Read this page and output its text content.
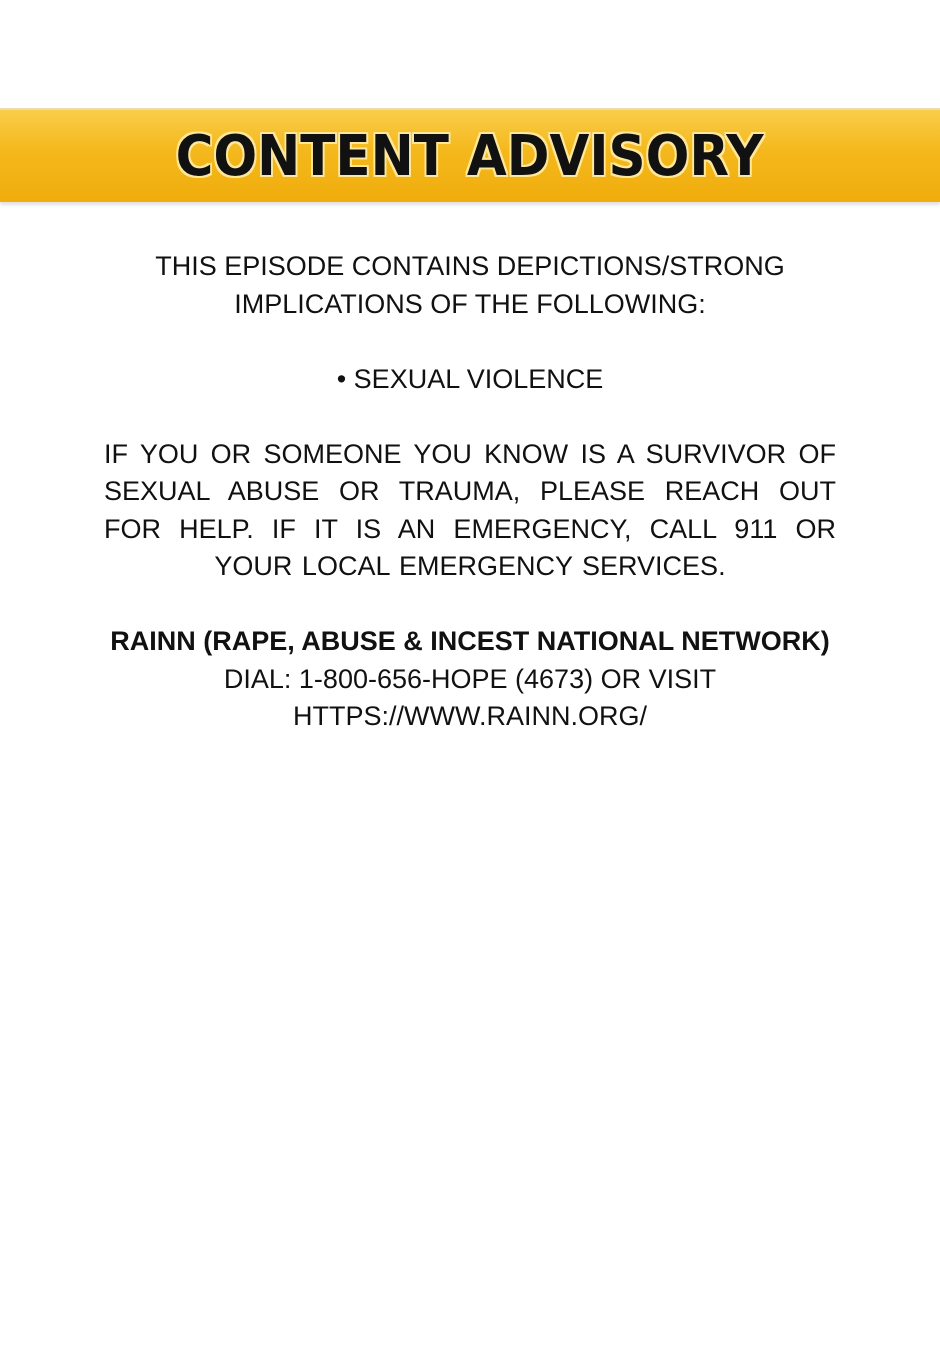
CONTENT ADVISORY

THIS EPISODE CONTAINS DEPICTIONS/STRONG

IMPLICATIONS OF THE FOLLOWING:

• SEXUAL VIOLENCE

IF YOU OR SOMEONE YOU KNOW IS A SURVIVOR OF SEXUAL ABUSE OR TRAUMA, PLEASE REACH OUT FOR HELP. IF IT IS AN EMERGENCY, CALL 911 OR YOUR LOCAL EMERGENCY SERVICES.

RAINN (RAPE, ABUSE & INCEST NATIONAL NETWORK)

DIAL: 1-800-656-HOPE (4673) OR VISIT

HTTPS://WWW.RAINN.ORG/
